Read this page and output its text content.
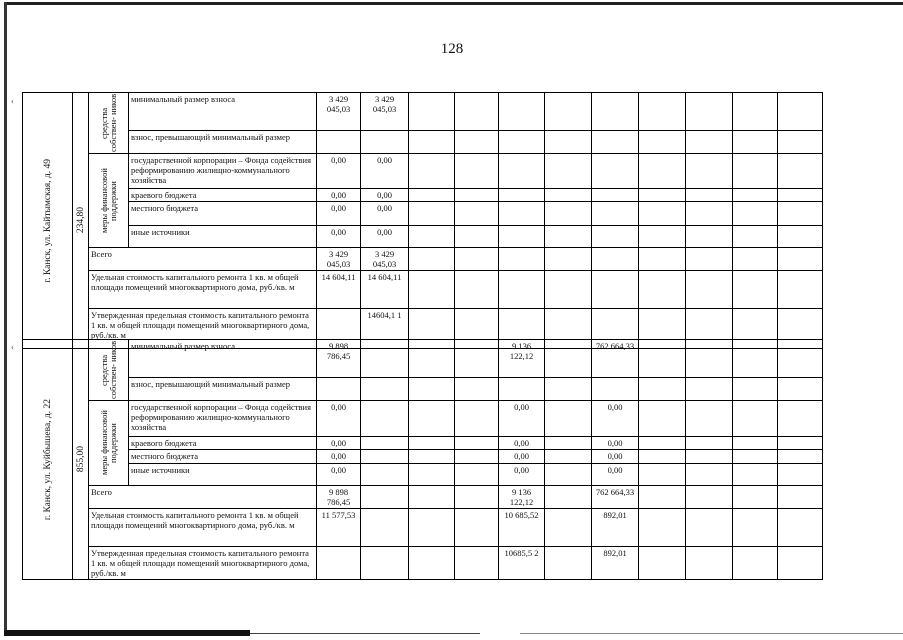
128
‹
‹
г. Канск, ул. Кайтымская, д. 49	234,80	средства собствен- ников	минимальный размер взноса	3 429 045,03	3 429 045,03									
			взнос, превышающий минимальный размер											

		меры финансовой поддержки	государственной корпорации – Фонда содействия реформированию жилищно-коммунального хозяйства	0,00	0,00									
			краевого бюджета	0,00	0,00									
			местного бюджета	0,00	0,00									
			иные источники	0,00	0,00									
		Всего		3 429 045,03	3 429 045,03									
		Удельная стоимость капитального ремонта 1 кв. м общей площади помещений многоквартирного дома, руб./кв. м		14 604,11	14 604,11									
		Утвержденная предельная стоимость капитального ремонта 1 кв. м общей площади помещений многоквартирного дома, руб./кв. м			14604,1 1									
г. Канск, ул. Куйбышева, д. 22	855,00	средства собствен- ников	минимальный размер взноса	9 898 786,45				9 136 122,12		762 664,33				
			взнос, превышающий минимальный размер											

		меры финансовой поддержки	государственной корпорации – Фонда содействия реформированию жилищно-коммунального хозяйства	0,00				0,00		0,00				
			краевого бюджета	0,00				0,00		0,00				
			местного бюджета	0,00				0,00		0,00				
			иные источники	0,00				0,00		0,00				
		Всего		9 898 786,45				9 136 122,12		762 664,33				
		Удельная стоимость капитального ремонта 1 кв. м общей площади помещений многоквартирного дома, руб./кв. м		11 577,53				10 685,52		892,01				
		Утвержденная предельная стоимость капитального ремонта 1 кв. м общей площади помещений многоквартирного дома, руб./кв. м						10685,5 2		892,01				
